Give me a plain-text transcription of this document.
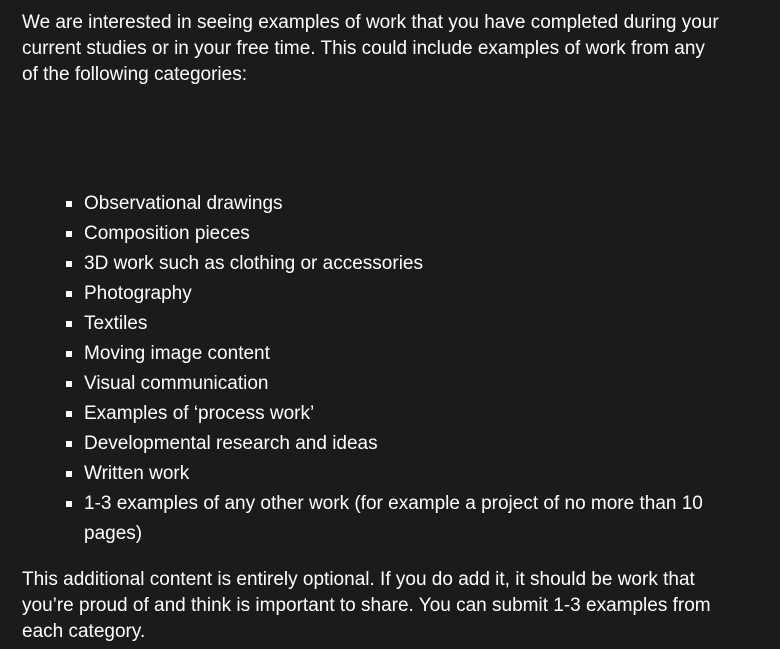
We are interested in seeing examples of work that you have completed during your current studies or in your free time. This could include examples of work from any of the following categories:

Observational drawings
Composition pieces
3D work such as clothing or accessories
Photography
Textiles
Moving image content
Visual communication
Examples of ‘process work’
Developmental research and ideas
Written work
1-3 examples of any other work (for example a project of no more than 10 pages)

This additional content is entirely optional. If you do add it, it should be work that you’re proud of and think is important to share. You can submit 1-3 examples from each category.
